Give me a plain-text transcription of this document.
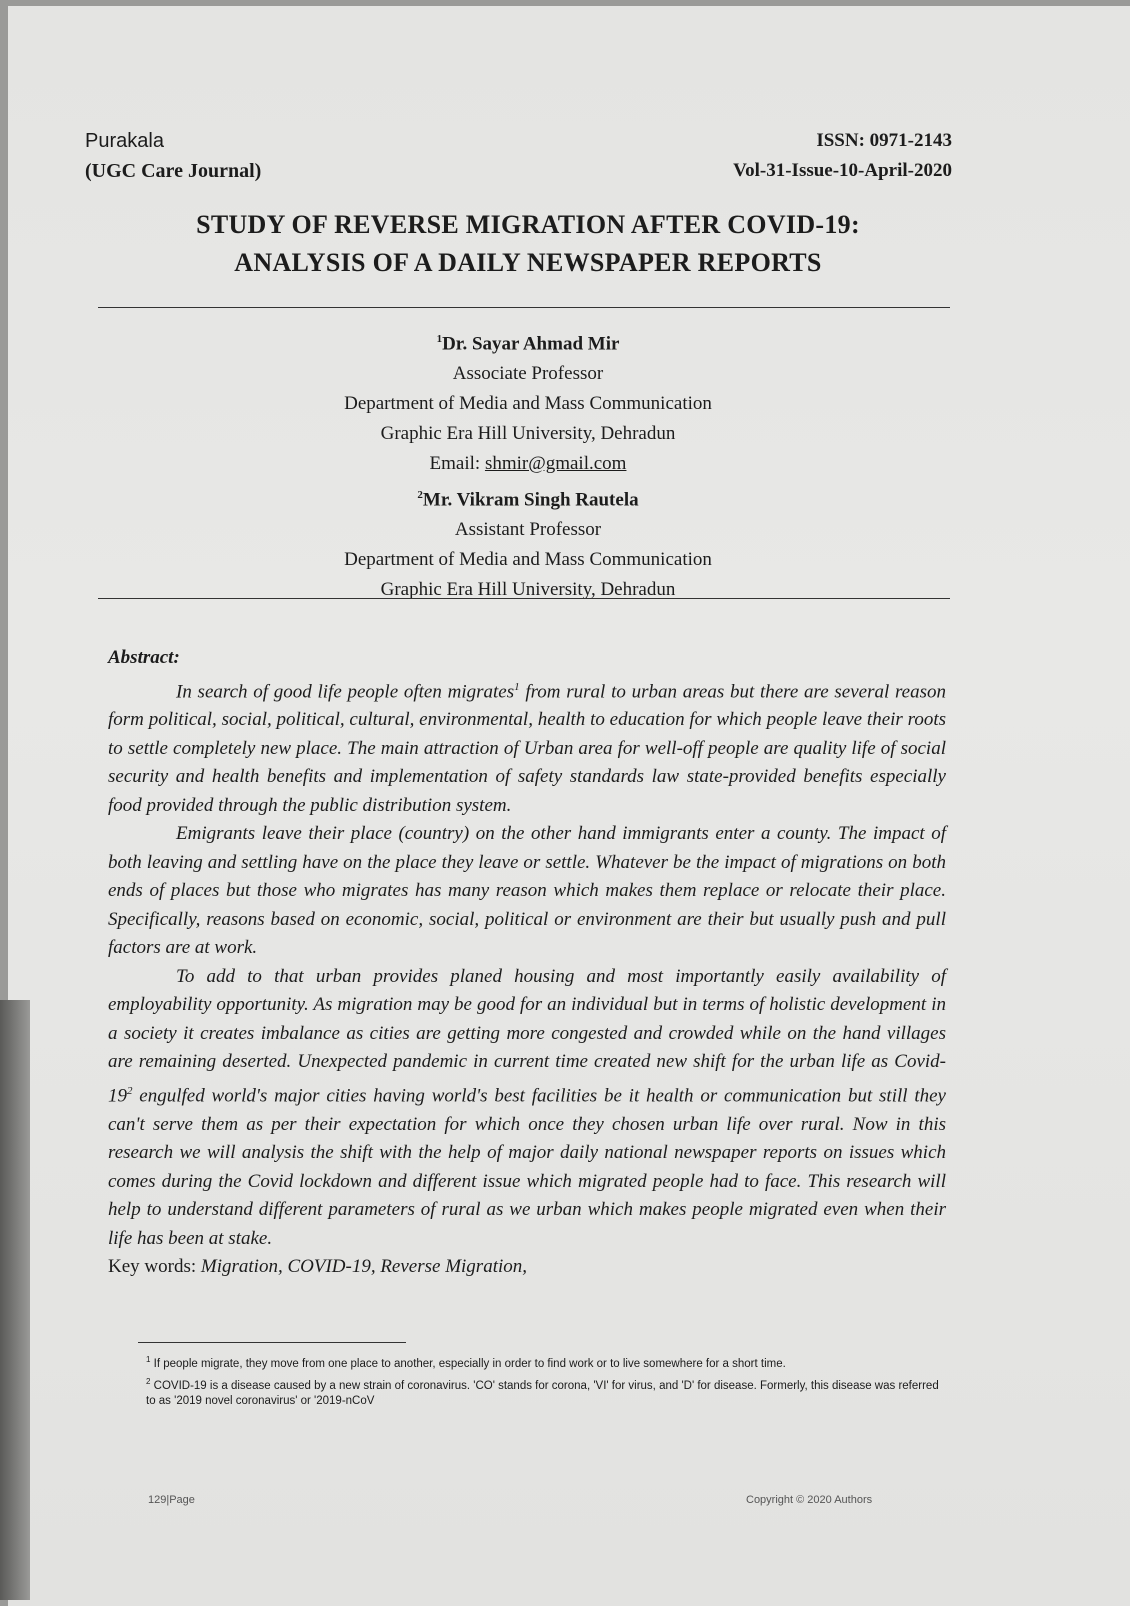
Purakala
(UGC Care Journal)
ISSN: 0971-2143
Vol-31-Issue-10-April-2020
STUDY OF REVERSE MIGRATION AFTER COVID-19:
ANALYSIS OF A DAILY NEWSPAPER REPORTS
$^1$Dr. Sayar Ahmad Mir
Associate Professor
Department of Media and Mass Communication
Graphic Era Hill University, Dehradun
Email: shmir@gmail.com
$^2$Mr. Vikram Singh Rautela
Assistant Professor
Department of Media and Mass Communication
Graphic Era Hill University, Dehradun
Abstract:

In search of good life people often migrates$^1$ from rural to urban areas but there are several reason form political, social, political, cultural, environmental, health to education for which people leave their roots to settle completely new place. The main attraction of Urban area for well-off people are quality life of social security and health benefits and implementation of safety standards law state-provided benefits especially food provided through the public distribution system.

Emigrants leave their place (country) on the other hand immigrants enter a county. The impact of both leaving and settling have on the place they leave or settle. Whatever be the impact of migrations on both ends of places but those who migrates has many reason which makes them replace or relocate their place. Specifically, reasons based on economic, social, political or environment are their but usually push and pull factors are at work.

To add to that urban provides planed housing and most importantly easily availability of employability opportunity. As migration may be good for an individual but in terms of holistic development in a society it creates imbalance as cities are getting more congested and crowded while on the hand villages are remaining deserted. Unexpected pandemic in current time created new shift for the urban life as Covid-$19^2$ engulfed world's major cities having world's best facilities be it health or communication but still they can't serve them as per their expectation for which once they chosen urban life over rural. Now in this research we will analysis the shift with the help of major daily national newspaper reports on issues which comes during the Covid lockdown and different issue which migrated people had to face. This research will help to understand different parameters of rural as we urban which makes people migrated even when their life has been at stake.

Key words: Migration, COVID-19, Reverse Migration,

$^1$ If people migrate, they move from one place to another, especially in order to find work or to live somewhere for a short time.

$^2$ COVID-19 is a disease caused by a new strain of coronavirus. 'CO' stands for corona, 'VI' for virus, and 'D' for disease. Formerly, this disease was referred to as '2019 novel coronavirus' or '2019-nCoV

129|Page	Copyright © 2020 Authors
